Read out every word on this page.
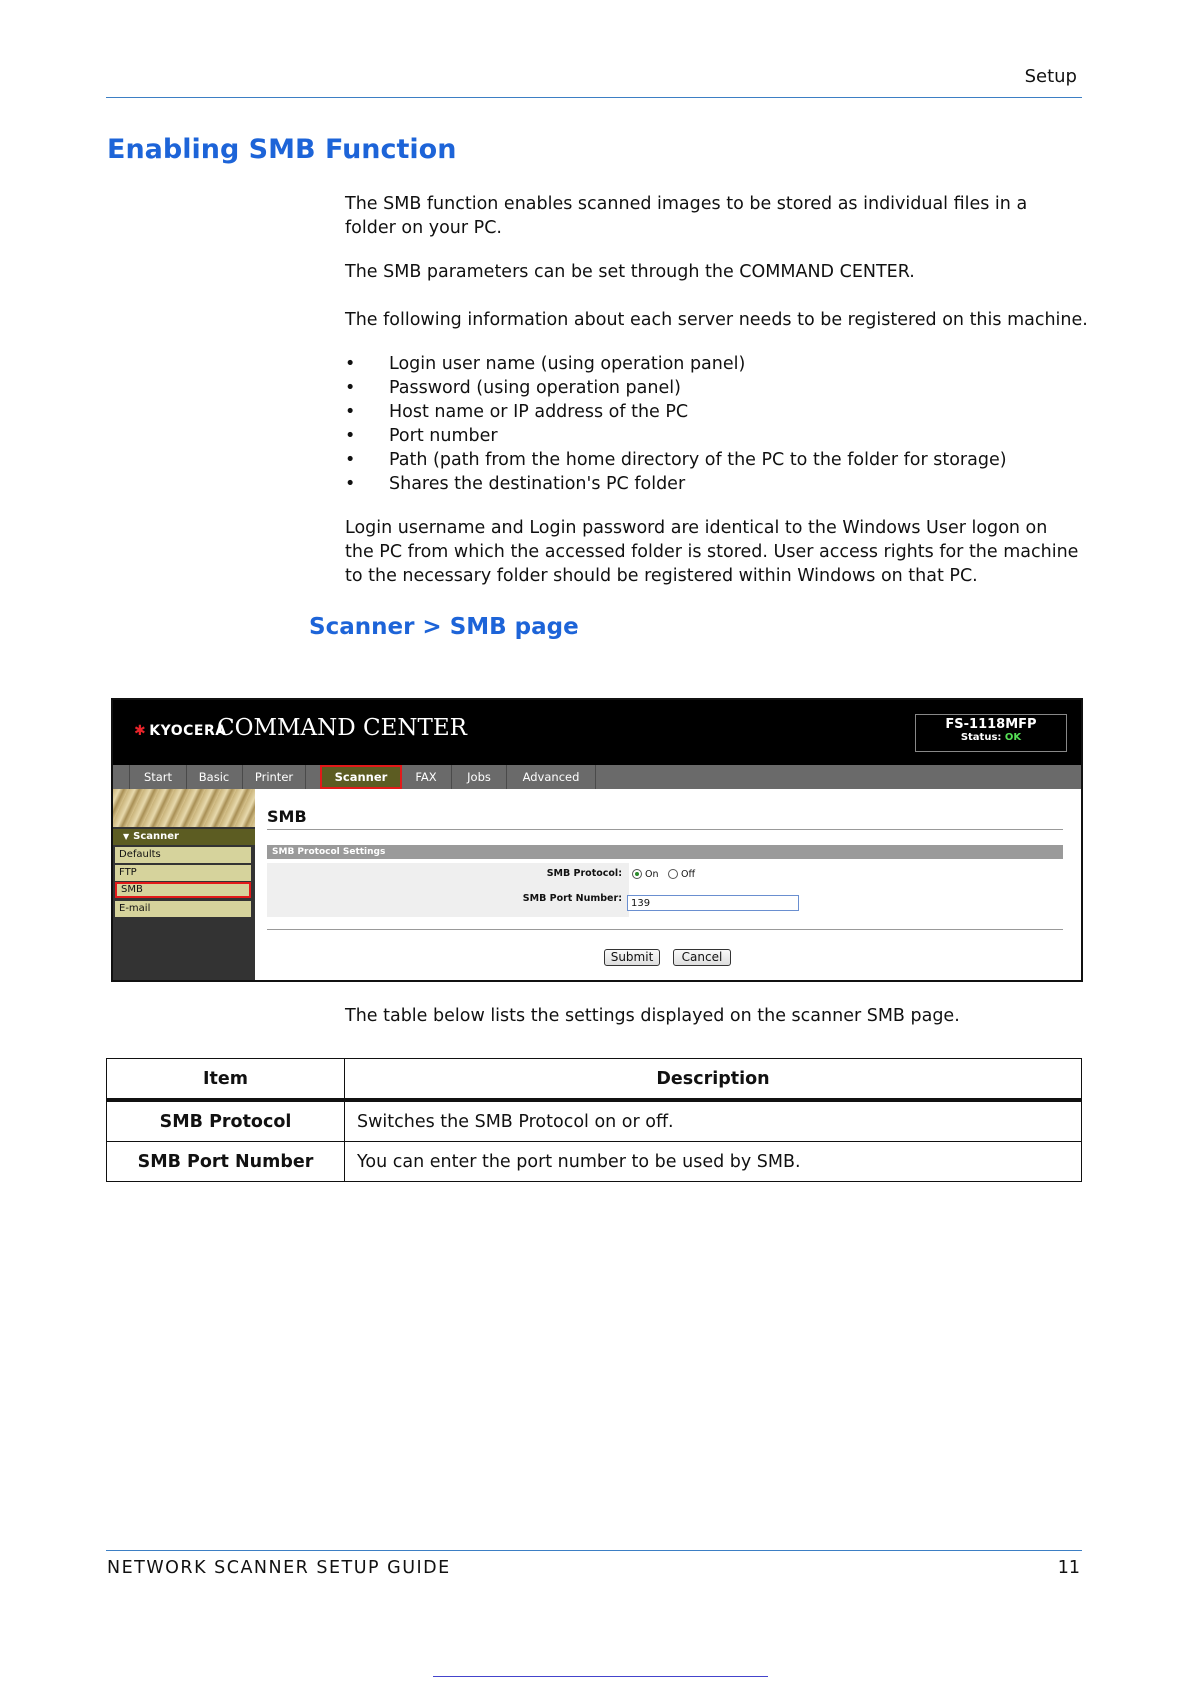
Setup
Enabling SMB Function

The SMB function enables scanned images to be stored as individual files in a folder on your PC.

The SMB parameters can be set through the COMMAND CENTER.

The following information about each server needs to be registered on this machine.

• Login user name (using operation panel)
• Password (using operation panel)
• Host name or IP address of the PC
• Port number
• Path (path from the home directory of the PC to the folder for storage)
• Shares the destination's PC folder

Login username and Login password are identical to the Windows User logon on the PC from which the accessed folder is stored. User access rights for the machine to the necessary folder should be registered within Windows on that PC.

Scanner > SMB page
✱ KYOCERA
COMMAND CENTER	FS-1118MFP
Status: OK
Start	Basic	Printer	Scanner	FAX	Jobs	Advanced
▼ Scanner
Defaults
FTP
SMB
E-mail
SMB
SMB Protocol Settings
SMB Protocol:
SMB Port Number:
On Off
139
Submit	Cancel

The table below lists the settings displayed on the scanner SMB page.

Item	Description
SMB Protocol	Switches the SMB Protocol on or off.
SMB Port Number	You can enter the port number to be used by SMB.
NETWORK SCANNER SETUP GUIDE	11
